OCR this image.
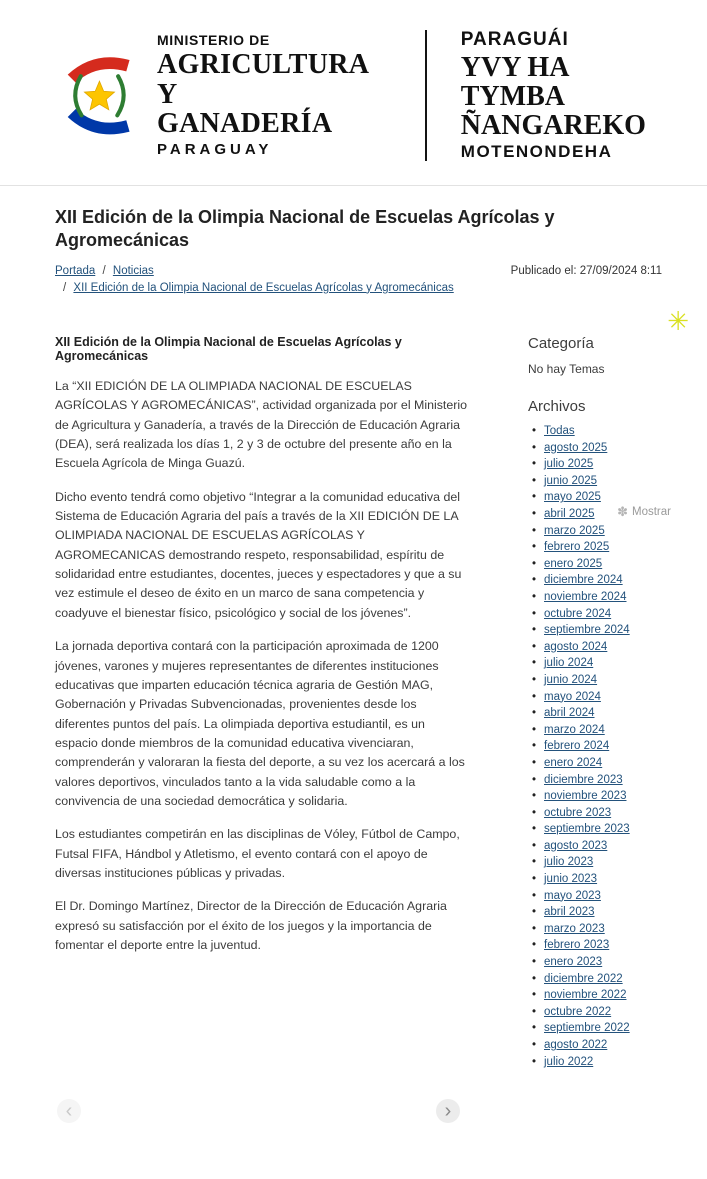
MINISTERIO DE
AGRICULTURA Y
GANADERÍA
PARAGUAY
PARAGUÁI
YVY HA TYMBA
ÑANGAREKO
MOTENONDEHA
XII Edición de la Olimpia Nacional de Escuelas Agrícolas y Agromecánicas
Portada / Noticias
/ XII Edición de la Olimpia Nacional de Escuelas Agrícolas y Agromecánicas
Publicado el: 27/09/2024 8:11
XII Edición de la Olimpia Nacional de Escuelas Agrícolas y Agromecánicas

La “XII EDICIÓN DE LA OLIMPIADA NACIONAL DE ESCUELAS AGRÍCOLAS Y AGROMECÁNICAS”, actividad organizada por el Ministerio de Agricultura y Ganadería, a través de la Dirección de Educación Agraria (DEA), será realizada los días 1, 2 y 3 de octubre del presente año en la Escuela Agrícola de Minga Guazú.

Dicho evento tendrá como objetivo “Integrar a la comunidad educativa del Sistema de Educación Agraria del país a través de la XII EDICIÓN DE LA OLIMPIADA NACIONAL DE ESCUELAS AGRÍCOLAS Y AGROMECANICAS demostrando respeto, responsabilidad, espíritu de solidaridad entre estudiantes, docentes, jueces y espectadores y que a su vez estimule el deseo de éxito en un marco de sana competencia y coadyuve el bienestar físico, psicológico y social de los jóvenes”.

La jornada deportiva contará con la participación aproximada de 1200 jóvenes, varones y mujeres representantes de diferentes instituciones educativas que imparten educación técnica agraria de Gestión MAG, Gobernación y Privadas Subvencionadas, provenientes desde los diferentes puntos del país. La olimpiada deportiva estudiantil, es un espacio donde miembros de la comunidad educativa vivenciaran, comprenderán y valoraran la fiesta del deporte, a su vez los acercará a los valores deportivos, vinculados tanto a la vida saludable como a la convivencia de una sociedad democrática y solidaria.

Los estudiantes competirán en las disciplinas de Vóley, Fútbol de Campo, Futsal FIFA, Hándbol y Atletismo, el evento contará con el apoyo de diversas instituciones públicas y privadas.

El Dr. Domingo Martínez, Director de la Dirección de Educación Agraria expresó su satisfacción por el éxito de los juegos y la importancia de fomentar el deporte entre la juventud.

‹	›
Categoría
No hay Temas
Archivos
• Todas
• agosto 2025
• julio 2025
• junio 2025
• mayo 2025
• abril 2025
• marzo 2025
• febrero 2025
• enero 2025
• diciembre 2024
• noviembre 2024
• octubre 2024
• septiembre 2024
• agosto 2024
• julio 2024
• junio 2024
• mayo 2024
• abril 2024
• marzo 2024
• febrero 2024
• enero 2024
• diciembre 2023
• noviembre 2023
• octubre 2023
• septiembre 2023
• agosto 2023
• julio 2023
• junio 2023
• mayo 2023
• abril 2023
• marzo 2023
• febrero 2023
• enero 2023
• diciembre 2022
• noviembre 2022
• octubre 2022
• septiembre 2022
• agosto 2022
• julio 2022
✳
✽ Mostrar
